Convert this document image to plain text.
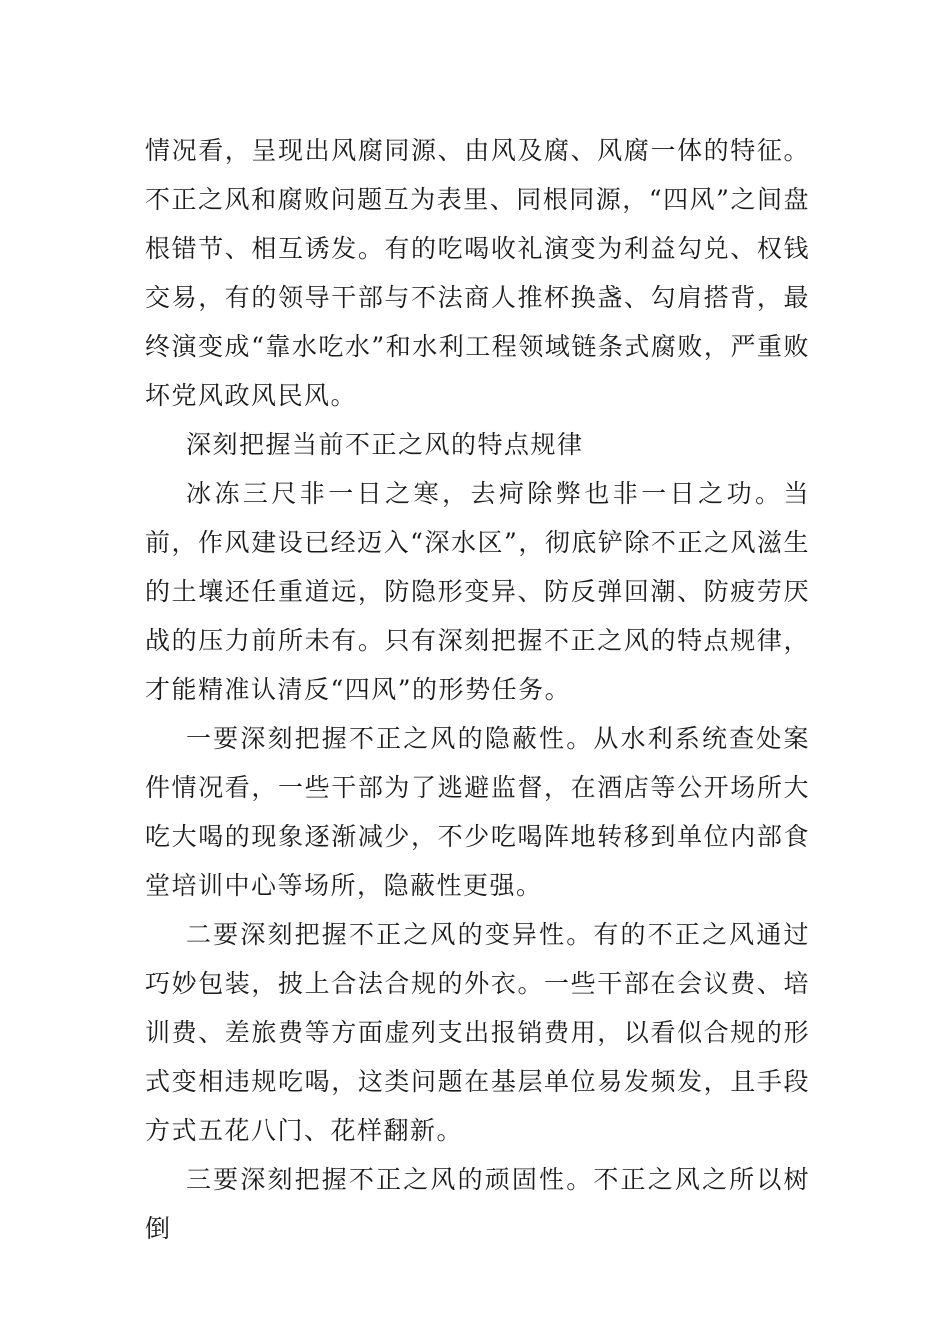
情况看，呈现出风腐同源、由风及腐、风腐一体的特征。不正之风和腐败问题互为表里、同根同源，“四风”之间盘根错节、相互诱发。有的吃喝收礼演变为利益勾兑、权钱交易，有的领导干部与不法商人推杯换盏、勾肩搭背，最终演变成“靠水吃水”和水利工程领域链条式腐败，严重败坏党风政风民风。

深刻把握当前不正之风的特点规律

冰冻三尺非一日之寒，去疴除弊也非一日之功。当前，作风建设已经迈入“深水区”，彻底铲除不正之风滋生的土壤还任重道远，防隐形变异、防反弹回潮、防疲劳厌战的压力前所未有。只有深刻把握不正之风的特点规律，才能精准认清反“四风”的形势任务。

一要深刻把握不正之风的隐蔽性。从水利系统查处案件情况看，一些干部为了逃避监督，在酒店等公开场所大吃大喝的现象逐渐减少，不少吃喝阵地转移到单位内部食堂培训中心等场所，隐蔽性更强。

二要深刻把握不正之风的变异性。有的不正之风通过巧妙包装，披上合法合规的外衣。一些干部在会议费、培训费、差旅费等方面虚列支出报销费用，以看似合规的形式变相违规吃喝，这类问题在基层单位易发频发，且手段方式五花八门、花样翻新。

三要深刻把握不正之风的顽固性。不正之风之所以树倒
